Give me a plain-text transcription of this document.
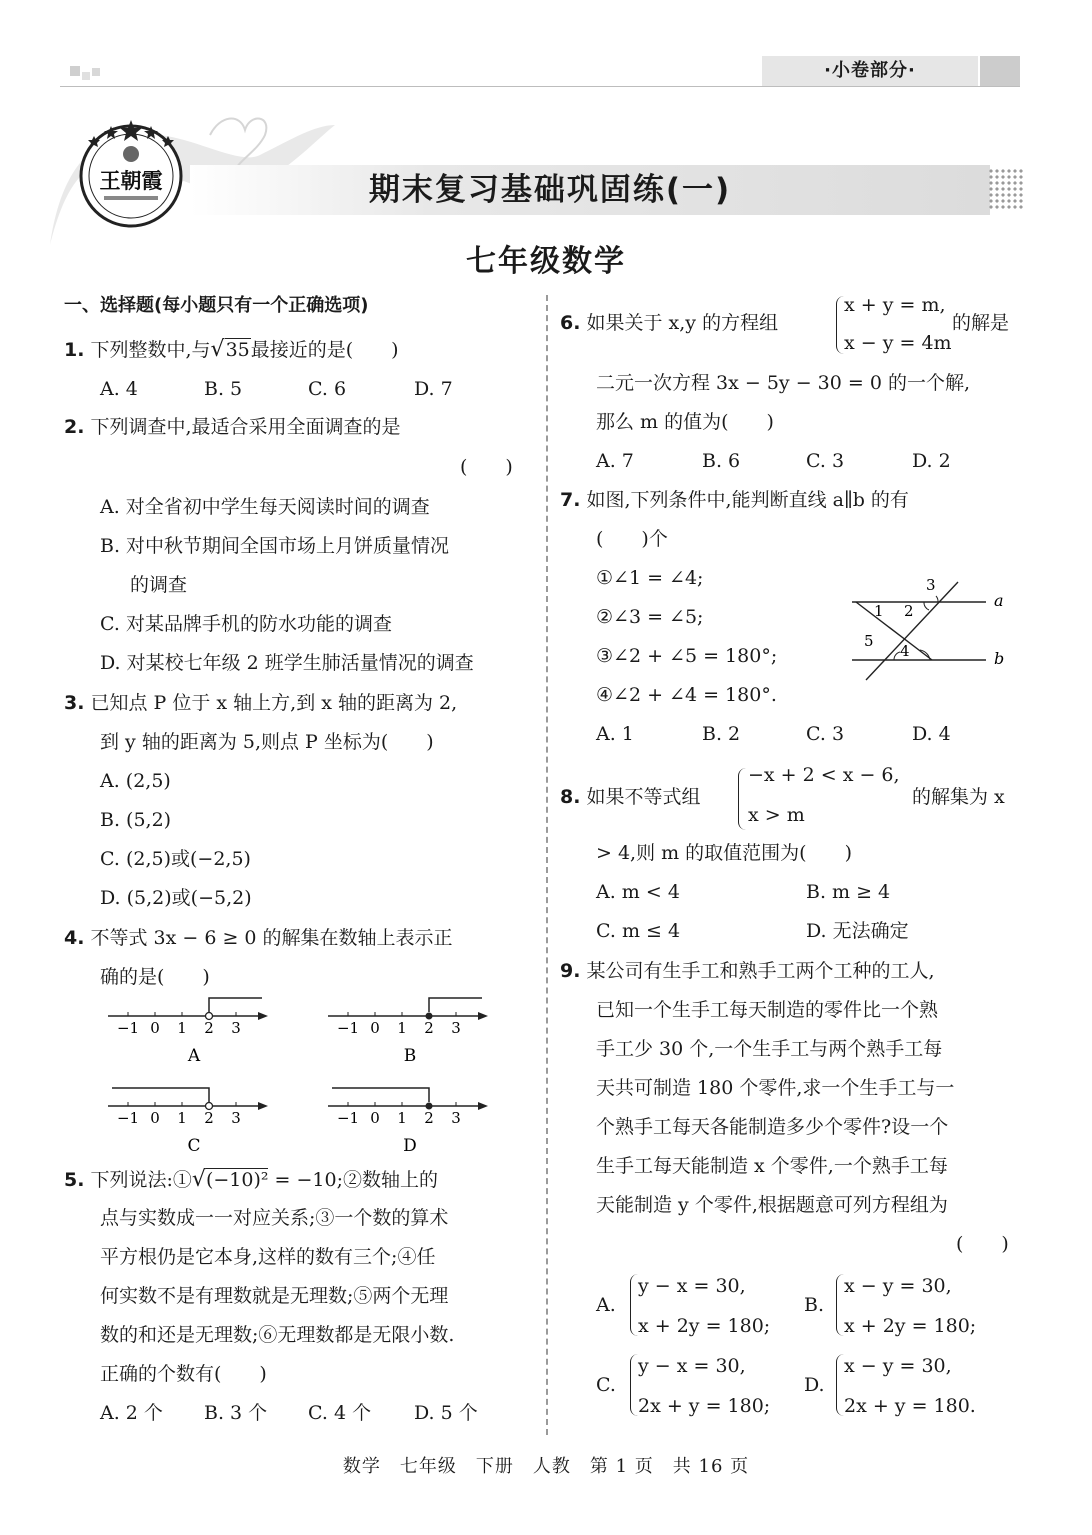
·小卷部分·
王朝霞	期末复习基础巩固练(一)
七年级数学
一、选择题(每小题只有一个正确选项)
1. 下列整数中,与√35最接近的是(　　)
A. 4	B. 5	C. 6	D. 7
2. 下列调查中,最适合采用全面调查的是
(　　)
A. 对全省初中学生每天阅读时间的调查
B. 对中秋节期间全国市场上月饼质量情况
的调查
C. 对某品牌手机的防水功能的调查
D. 对某校七年级 2 班学生肺活量情况的调查
3. 已知点 P 位于 x 轴上方,到 x 轴的距离为 2,
到 y 轴的距离为 5,则点 P 坐标为(　　)
A. (2,5)
B. (5,2)
C. (2,5)或(−2,5)
D. (5,2)或(−5,2)
4. 不等式 3x − 6 ≥ 0 的解集在数轴上表示正
确的是(　　)
−1 0 1 2 3
A
−1 0 1 2 3
B
−1 0 1 2 3
C
−1 0 1 2 3
D
5. 下列说法:①√(−10)² = −10;②数轴上的
点与实数成一一对应关系;③一个数的算术
平方根仍是它本身,这样的数有三个;④任
何实数不是有理数就是无理数;⑤两个无理
数的和还是无理数;⑥无理数都是无限小数.
正确的个数有(　　)
A. 2 个 B. 3 个 C. 4 个 D. 5 个
6. 如果关于 x,y 的方程组
x + y = m,
x − y = 4m
的解是
二元一次方程 3x − 5y − 30 = 0 的一个解,
那么 m 的值为(　　)
A. 7	B. 6	C. 3	D. 2
7. 如图,下列条件中,能判断直线 a∥b 的有
(　　)个
①∠1 = ∠4;
②∠3 = ∠5;
③∠2 + ∠5 = 180°;
④∠2 + ∠4 = 180°.
A. 1	B. 2	C. 3	D. 4
8. 如果不等式组
−x + 2 < x − 6,
x > m
的解集为 x
> 4,则 m 的取值范围为(　　)
A. m < 4	B. m ≥ 4
C. m ≤ 4	D. 无法确定
9. 某公司有生手工和熟手工两个工种的工人,
已知一个生手工每天制造的零件比一个熟
手工少 30 个,一个生手工与两个熟手工每
天共可制造 180 个零件,求一个生手工与一
个熟手工每天各能制造多少个零件?设一个
生手工每天能制造 x 个零件,一个熟手工每
天能制造 y 个零件,根据题意可列方程组为
(　　)
A.
y − x = 30,
x + 2y = 180;
B.
x − y = 30,
x + 2y = 180;
C.
y − x = 30,
2x + y = 180;
D.
x − y = 30,
2x + y = 180.
a
b
1 2
3
4
5
数学　七年级　下册　人教　第 1 页　共 16 页
